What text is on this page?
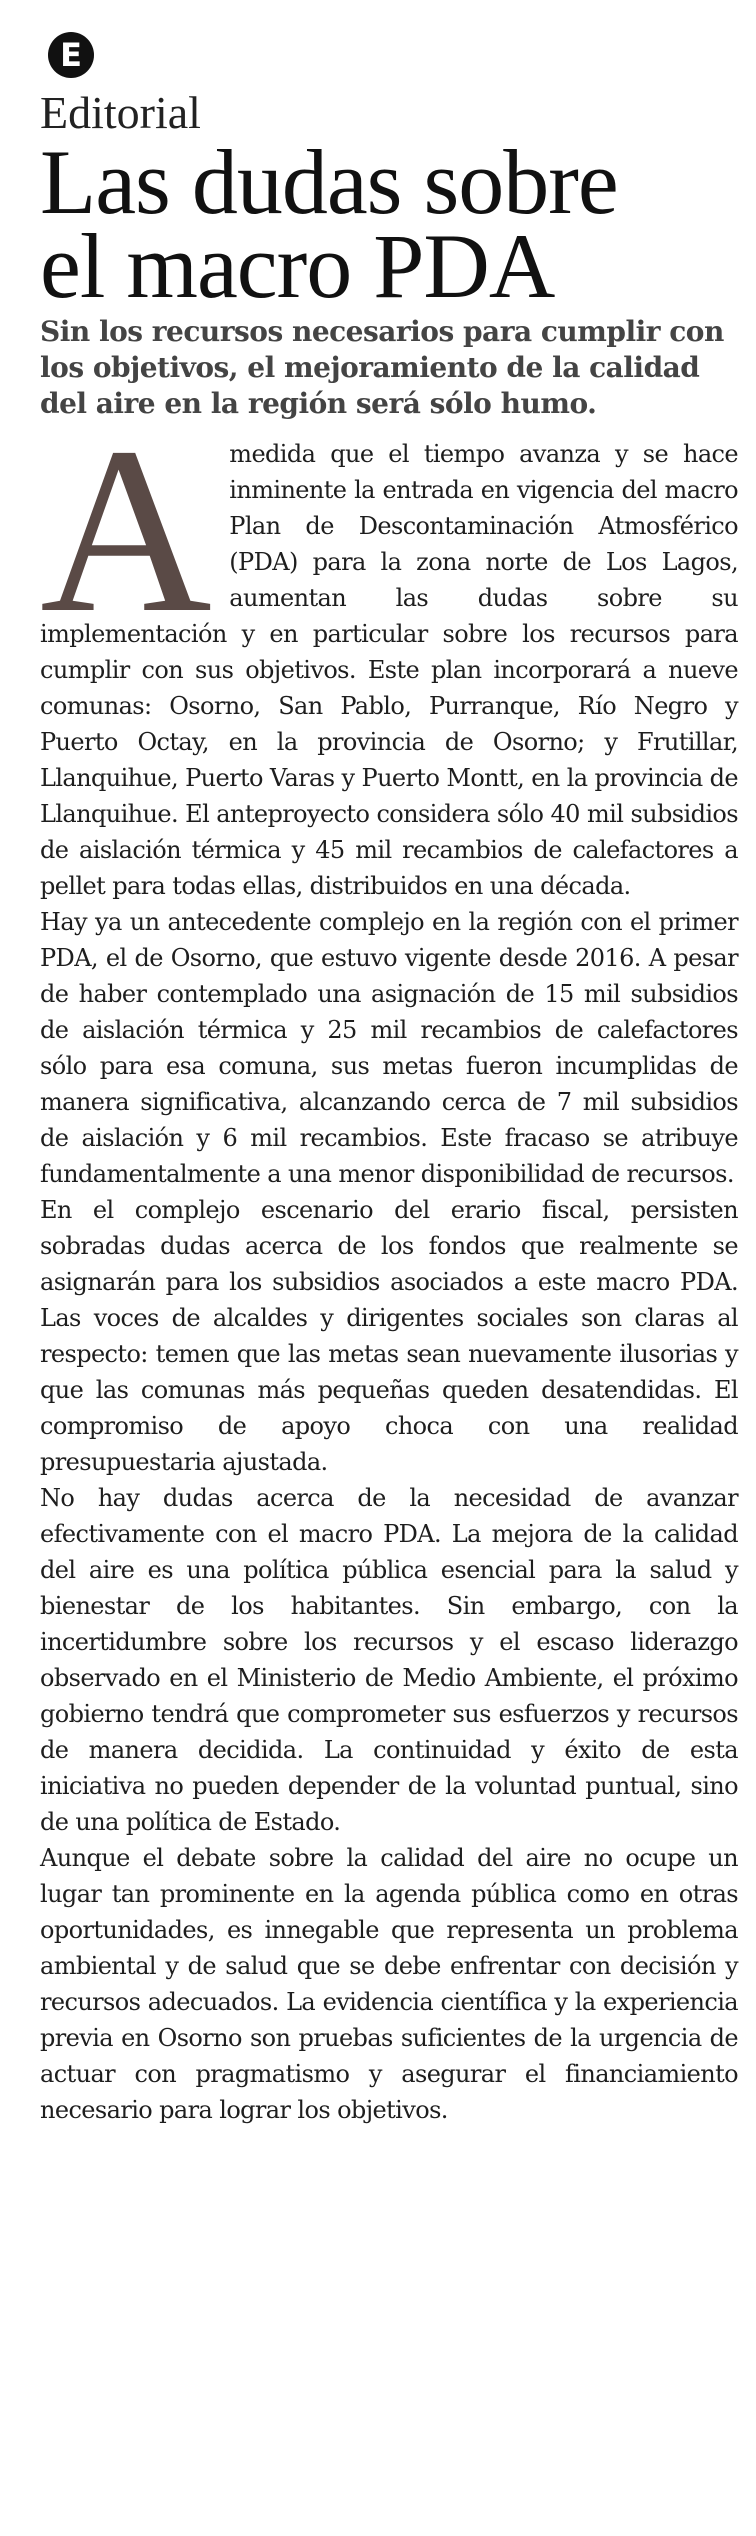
E
Editorial
Las dudas sobre
el macro PDA
Sin los recursos necesarios para cumplir con los objetivos, el mejoramiento de la calidad del aire en la región será sólo humo.
A medida que el tiempo avanza y se hace inminente la entrada en vigencia del macro Plan de Descontaminación Atmosférico (PDA) para la zona norte de Los Lagos, aumentan las dudas sobre su implementación y en particular sobre los recursos para cumplir con sus objetivos. Este plan incorporará a nueve comunas: Osorno, San Pablo, Purranque, Río Negro y Puerto Octay, en la provincia de Osorno; y Frutillar, Llanquihue, Puerto Varas y Puerto Montt, en la provincia de Llanquihue. El anteproyecto considera sólo 40 mil subsidios de aislación térmica y 45 mil recambios de calefactores a pellet para todas ellas, distribuidos en una década.

Hay ya un antecedente complejo en la región con el primer PDA, el de Osorno, que estuvo vigente desde 2016. A pesar de haber contemplado una asignación de 15 mil subsidios de aislación térmica y 25 mil recambios de calefactores sólo para esa comuna, sus metas fueron incumplidas de manera significativa, alcanzando cerca de 7 mil subsidios de aislación y 6 mil recambios. Este fracaso se atribuye fundamentalmente a una menor disponibilidad de recursos.

En el complejo escenario del erario fiscal, persisten sobradas dudas acerca de los fondos que realmente se asignarán para los subsidios asociados a este macro PDA. Las voces de alcaldes y dirigentes sociales son claras al respecto: temen que las metas sean nuevamente ilusorias y que las comunas más pequeñas queden desatendidas. El compromiso de apoyo choca con una realidad presupuestaria ajustada.

No hay dudas acerca de la necesidad de avanzar efectivamente con el macro PDA. La mejora de la calidad del aire es una política pública esencial para la salud y bienestar de los habitantes. Sin embargo, con la incertidumbre sobre los recursos y el escaso liderazgo observado en el Ministerio de Medio Ambiente, el próximo gobierno tendrá que comprometer sus esfuerzos y recursos de manera decidida. La continuidad y éxito de esta iniciativa no pueden depender de la voluntad puntual, sino de una política de Estado.

Aunque el debate sobre la calidad del aire no ocupe un lugar tan prominente en la agenda pública como en otras oportunidades, es innegable que representa un problema ambiental y de salud que se debe enfrentar con decisión y recursos adecuados. La evidencia científica y la experiencia previa en Osorno son pruebas suficientes de la urgencia de actuar con pragmatismo y asegurar el financiamiento necesario para lograr los objetivos.
